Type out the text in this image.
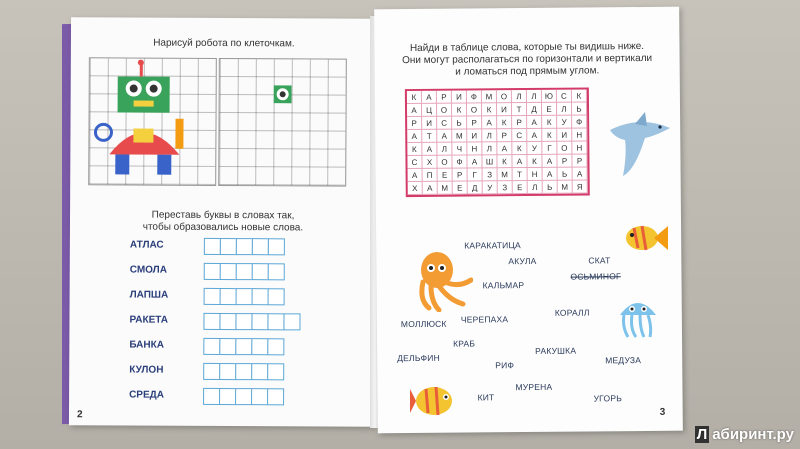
Нарисуй робота по клеточкам.
Переставь буквы в словах так,
чтобы образовались новые слова.
2
АТЛАС
СМОЛА
ЛАПША
РАКЕТА
БАНКА
КУЛОН
СРЕДА
Найди в таблице слова, которые ты видишь ниже.
Они могут располагаться по горизонтали и вертикали
и ломаться под прямым углом.
К	А	Р	И	Ф	М	О	Л	Л	Ю С	К
А	Ц	О	К	О	К	И	Т	Д	Е	Л	Ь
Р	И	С	Ь	Р	А	К	Р	А	К	У	Ф
А	Т	А	М	И	Л	Р	С	А	К	И	Н
К	А	Л	Ч	Н	Л	А	К	У	Г	О	Н
С	Х	О	Ф	А	Ш	К	А	К	А	Р	Р
А	П	Е	Р	Г	З	М	Т	Н	А	Ь	А
Х	А	М	Е	Д	У	З	Е	Л	Ь	М	Я
3
КАРАКАТИЦА
АКУЛА	СКАТ
ОСЬМИНОГ
КАЛЬМАР
МОЛЛЮСК ЧЕРЕПАХА
КОРАЛЛ
КРАБ
ДЕЛЬФИН
РИФ
РАКУШКА
МЕДУЗА
МУРЕНА
КИТ	УГОРЬ
Л абиринт.ру
